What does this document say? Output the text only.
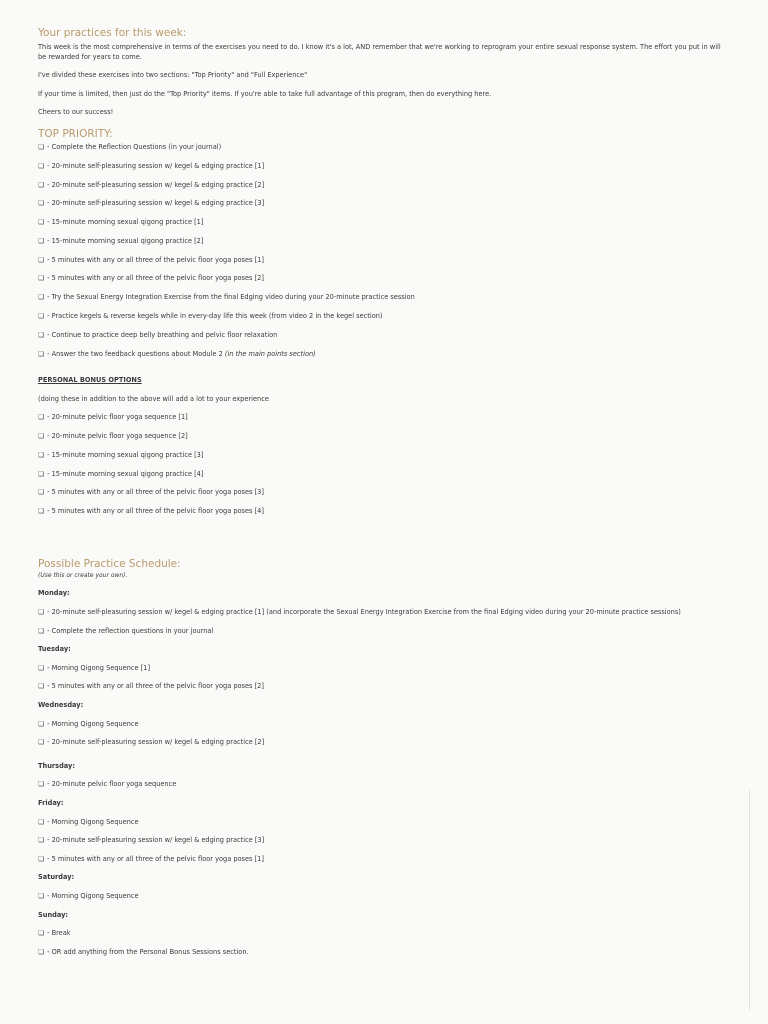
Your practices for this week:

This week is the most comprehensive in terms of the exercises you need to do. I know it's a lot, AND remember that we're working to reprogram your entire sexual response system. The effort you put in will be rewarded for years to come.

I've divided these exercises into two sections: "Top Priority" and "Full Experience"

If your time is limited, then just do the "Top Priority" items. If you're able to take full advantage of this program, then do everything here.

Cheers to our success!

TOP PRIORITY:
❏ - Complete the Reflection Questions (in your journal)
❏ - 20-minute self-pleasuring session w/ kegel & edging practice [1]
❏ - 20-minute self-pleasuring session w/ kegel & edging practice [2]
❏ - 20-minute self-pleasuring session w/ kegel & edging practice [3]
❏ - 15-minute morning sexual qigong practice [1]
❏ - 15-minute morning sexual qigong practice [2]
❏ - 5 minutes with any or all three of the pelvic floor yoga poses [1]
❏ - 5 minutes with any or all three of the pelvic floor yoga poses [2]
❏ - Try the Sexual Energy Integration Exercise from the final Edging video during your 20-minute practice session
❏ - Practice kegels & reverse kegels while in every-day life this week (from video 2 in the kegel section)
❏ - Continue to practice deep belly breathing and pelvic floor relaxation
❏ - Answer the two feedback questions about Module 2 (in the main points section)
PERSONAL BONUS OPTIONS

(doing these in addition to the above will add a lot to your experience

❏ - 20-minute pelvic floor yoga sequence [1]
❏ - 20-minute pelvic floor yoga sequence [2]
❏ - 15-minute morning sexual qigong practice [3]
❏ - 15-minute morning sexual qigong practice [4]
❏ - 5 minutes with any or all three of the pelvic floor yoga poses [3]
❏ - 5 minutes with any or all three of the pelvic floor yoga poses [4]
Possible Practice Schedule:

(Use this or create your own).

Monday:
❏ - 20-minute self-pleasuring session w/ kegel & edging practice [1] (and incorporate the Sexual Energy Integration Exercise from the final Edging video during your 20-minute practice sessions)
❏ - Complete the reflection questions in your journal
Tuesday:
❏ - Morning Qigong Sequence [1]
❏ - 5 minutes with any or all three of the pelvic floor yoga poses [2]
Wednesday:
❏ - Morning Qigong Sequence
❏ - 20-minute self-pleasuring session w/ kegel & edging practice [2]
Thursday:
❏ - 20-minute pelvic floor yoga sequence
Friday:
❏ - Morning Qigong Sequence
❏ - 20-minute self-pleasuring session w/ kegel & edging practice [3]
❏ - 5 minutes with any or all three of the pelvic floor yoga poses [1]
Saturday:
❏ - Morning Qigong Sequence
Sunday:
❏ - Break
❏ - OR add anything from the Personal Bonus Sessions section.
